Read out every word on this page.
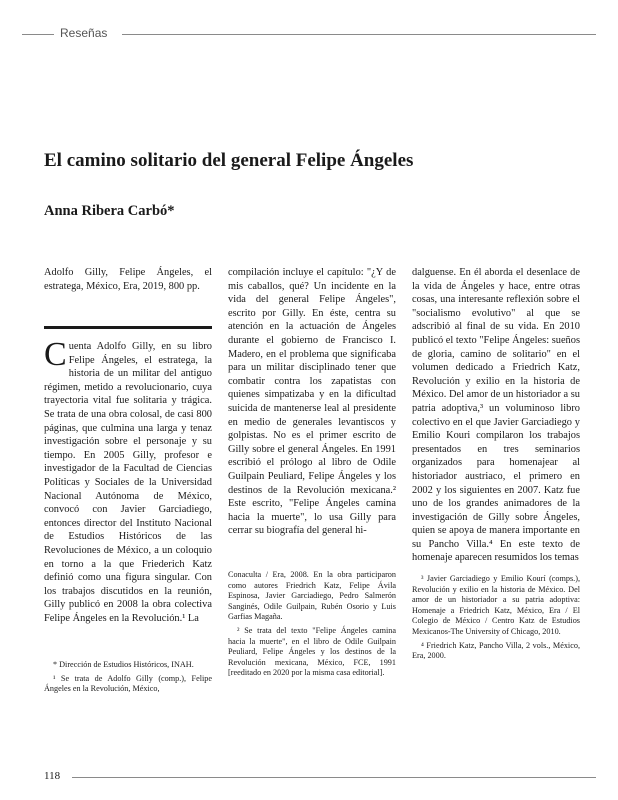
Reseñas
El camino solitario del general Felipe Ángeles
Anna Ribera Carbó*

Adolfo Gilly, Felipe Ángeles, el estratega, México, Era, 2019, 800 pp.

Cuenta Adolfo Gilly, en su libro Felipe Ángeles, el estratega, la historia de un militar del antiguo régimen, metido a revolucionario, cuya trayectoria vital fue solitaria y trágica. Se trata de una obra colosal, de casi 800 páginas, que culmina una larga y tenaz investigación sobre el personaje y su tiempo. En 2005 Gilly, profesor e investigador de la Facultad de Ciencias Políticas y Sociales de la Universidad Nacional Autónoma de México, convocó con Javier Garciadiego, entonces director del Instituto Nacional de Estudios Históricos de las Revoluciones de México, a un coloquio en torno a la que Friederich Katz definió como una figura singular. Con los trabajos discutidos en la reunión, Gilly publicó en 2008 la obra colectiva Felipe Ángeles en la Revolución.¹ La

compilación incluye el capítulo: "¿Y de mis caballos, qué? Un incidente en la vida del general Felipe Ángeles", escrito por Gilly. En éste, centra su atención en la actuación de Ángeles durante el gobierno de Francisco I. Madero, en el problema que significaba para un militar disciplinado tener que combatir contra los zapatistas con quienes simpatizaba y en la dificultad suicida de mantenerse leal al presidente en medio de generales levantiscos y golpistas. No es el primer escrito de Gilly sobre el general Ángeles. En 1991 escribió el prólogo al libro de Odile Guilpain Peuliard, Felipe Ángeles y los destinos de la Revolución mexicana.² Este escrito, "Felipe Ángeles camina hacia la muerte", lo usa Gilly para cerrar su biografía del general hi-

dalguense. En él aborda el desenlace de la vida de Ángeles y hace, entre otras cosas, una interesante reflexión sobre el "socialismo evolutivo" al que se adscribió al final de su vida. En 2010 publicó el texto "Felipe Ángeles: sueños de gloria, camino de solitario" en el volumen dedicado a Friedrich Katz, Revolución y exilio en la historia de México. Del amor de un historiador a su patria adoptiva,³ un voluminoso libro colectivo en el que Javier Garciadiego y Emilio Kouri compilaron los trabajos presentados en tres seminarios organizados para homenajear al historiador austriaco, el primero en 2002 y los siguientes en 2007. Katz fue uno de los grandes animadores de la investigación de Gilly sobre Ángeles, quien se apoya de manera importante en su Pancho Villa.⁴ En este texto de homenaje aparecen resumidos los temas

* Dirección de Estudios Históricos, INAH.

¹ Se trata de Adolfo Gilly (comp.), Felipe Ángeles en la Revolución, México,

Conaculta / Era, 2008. En la obra participaron como autores Friedrich Katz, Felipe Ávila Espinosa, Javier Garciadiego, Pedro Salmerón Sanginés, Odile Guilpain, Rubén Osorio y Luis Garfias Magaña.

² Se trata del texto "Felipe Ángeles camina hacia la muerte", en el libro de Odile Guilpain Peuliard, Felipe Ángeles y los destinos de la Revolución mexicana, México, FCE, 1991 [reeditado en 2020 por la misma casa editorial].

³ Javier Garciadiego y Emilio Kourí (comps.), Revolución y exilio en la historia de México. Del amor de un historiador a su patria adoptiva: Homenaje a Friedrich Katz, México, Era / El Colegio de México / Centro Katz de Estudios Mexicanos-The University of Chicago, 2010.

⁴ Friedrich Katz, Pancho Villa, 2 vols., México, Era, 2000.

118
